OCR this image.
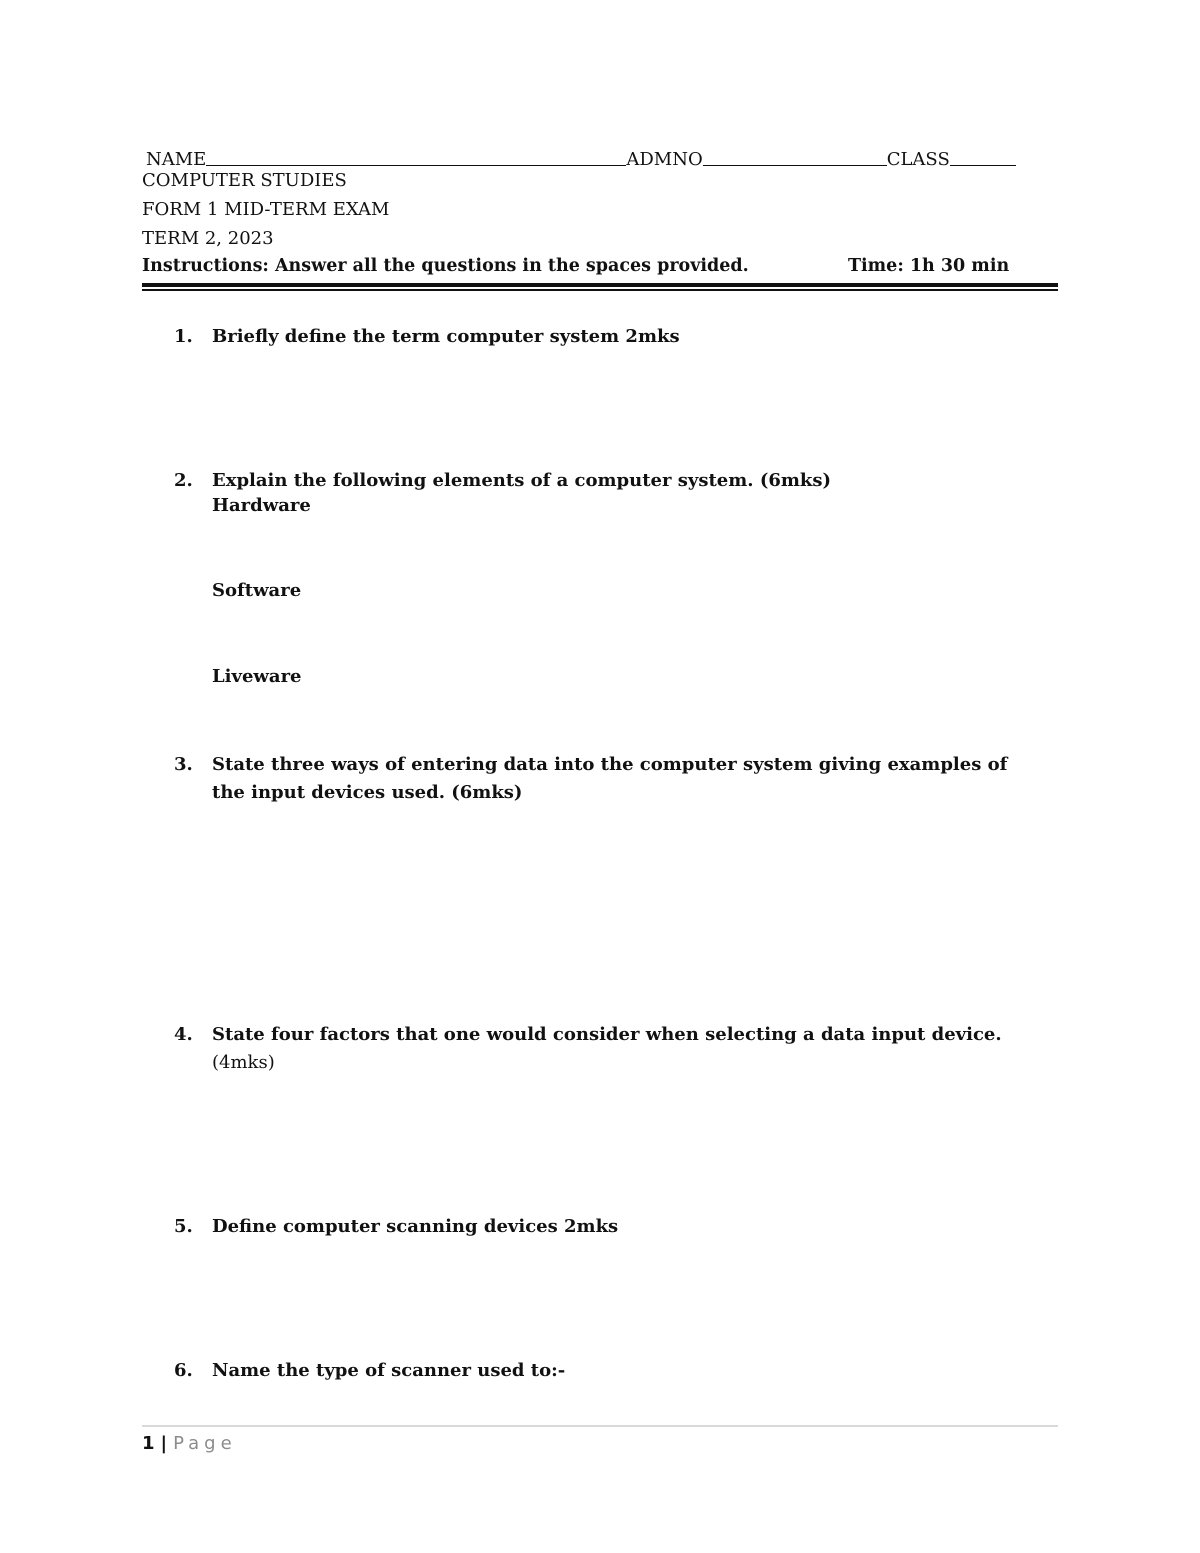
NAME	ADMNO	CLASS
COMPUTER STUDIES
FORM 1 MID-TERM EXAM
TERM 2, 2023
Instructions: Answer all the questions in the spaces provided.	Time: 1h 30 min
1.	Briefly define the term computer system 2mks
2.	Explain the following elements of a computer system. (6mks)
Hardware
Software
Liveware
3.	State three ways of entering data into the computer system giving examples of the input devices used. (6mks)
4.	State four factors that one would consider when selecting a data input device. (4mks)
5.	Define computer scanning devices 2mks
6.	Name the type of scanner used to:-
1 | Page
